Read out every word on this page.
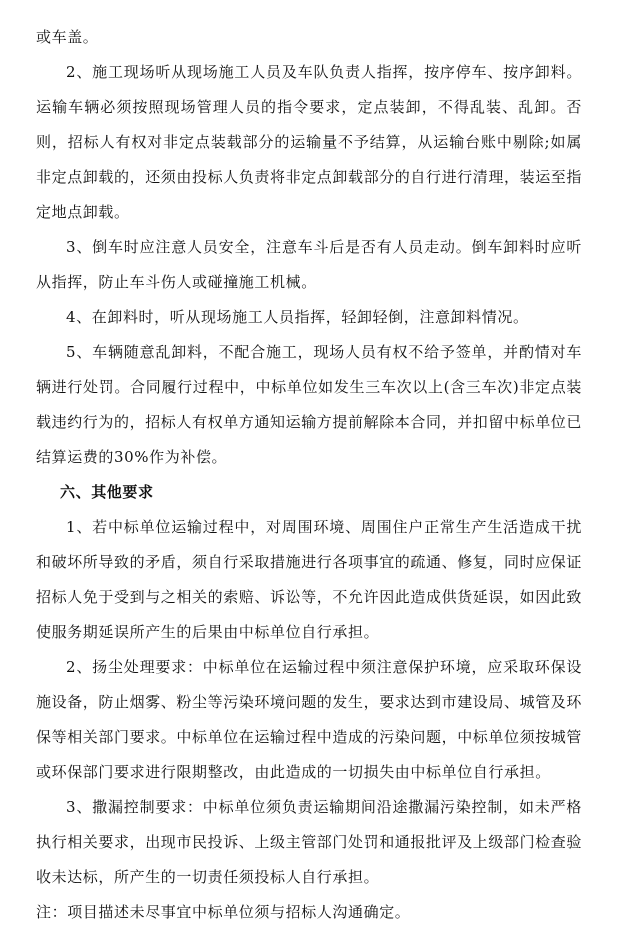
或车盖。

2、施工现场听从现场施工人员及车队负责人指挥，按序停车、按序卸料。运输车辆必须按照现场管理人员的指令要求，定点装卸，不得乱装、乱卸。否则，招标人有权对非定点装载部分的运输量不予结算，从运输台账中剔除;如属非定点卸载的，还须由投标人负责将非定点卸载部分的自行进行清理，装运至指定地点卸载。

3、倒车时应注意人员安全，注意车斗后是否有人员走动。倒车卸料时应听从指挥，防止车斗伤人或碰撞施工机械。

4、在卸料时，听从现场施工人员指挥，轻卸轻倒，注意卸料情况。

5、车辆随意乱卸料，不配合施工，现场人员有权不给予签单，并酌情对车辆进行处罚。合同履行过程中，中标单位如发生三车次以上(含三车次)非定点装载违约行为的，招标人有权单方通知运输方提前解除本合同，并扣留中标单位已结算运费的30%作为补偿。

六、其他要求

1、若中标单位运输过程中，对周围环境、周围住户正常生产生活造成干扰和破坏所导致的矛盾，须自行采取措施进行各项事宜的疏通、修复，同时应保证招标人免于受到与之相关的索赔、诉讼等，不允许因此造成供货延误，如因此致使服务期延误所产生的后果由中标单位自行承担。

2、扬尘处理要求：中标单位在运输过程中须注意保护环境，应采取环保设施设备，防止烟雾、粉尘等污染环境问题的发生，要求达到市建设局、城管及环保等相关部门要求。中标单位在运输过程中造成的污染问题，中标单位须按城管或环保部门要求进行限期整改，由此造成的一切损失由中标单位自行承担。

3、撒漏控制要求：中标单位须负责运输期间沿途撒漏污染控制，如未严格执行相关要求，出现市民投诉、上级主管部门处罚和通报批评及上级部门检查验收未达标，所产生的一切责任须投标人自行承担。

注：项目描述未尽事宜中标单位须与招标人沟通确定。
